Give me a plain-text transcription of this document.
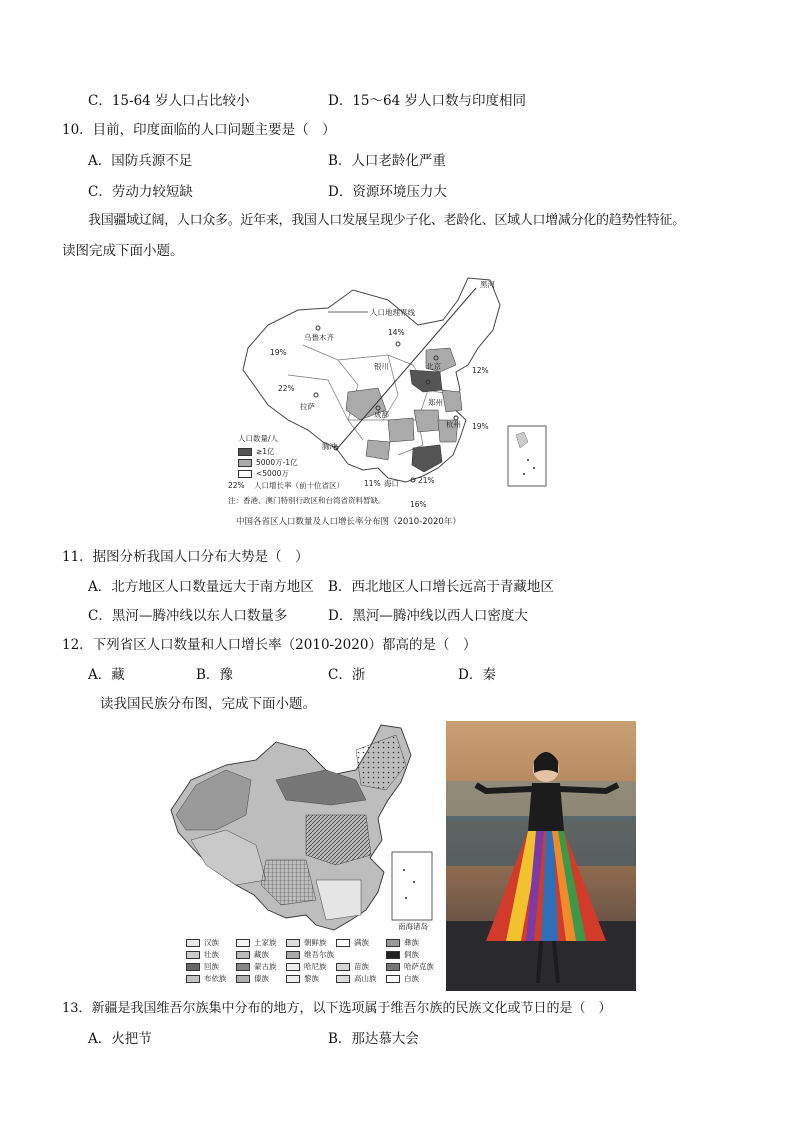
C．15-64 岁人口占比较小	D．15～64 岁人口数与印度相同
10．目前，印度面临的人口问题主要是（　）
A．国防兵源不足	B．人口老龄化严重
C．劳动力较短缺	D．资源环境压力大
我国疆域辽阔，人口众多。近年来，我国人口发展呈现少子化、老龄化、区域人口增减分化的趋势性特征。
读图完成下面小题。
黑河
人口地理界线
乌鲁木齐
14%
19%
银川	北京	12%
22%
拉萨
成都
郑州
19%
杭州
腾冲
11% 海口	21%
16%
人口数量/人
≥1亿
5000万-1亿
<5000万
22% 人口增长率（前十位省区）
注：香港、澳门特别行政区和台湾省资料暂缺。
中国各省区人口数量及人口增长率分布图（2010-2020年）
11．据图分析我国人口分布大势是（　）
A．北方地区人口数量远大于南方地区 B．西北地区人口增长远高于青藏地区
C．黑河—腾冲线以东人口数量多	D．黑河—腾冲线以西人口密度大
12．下列省区人口数量和人口增长率（2010-2020）都高的是（　）
A．藏	B．豫	C．浙	D．秦
读我国民族分布图，完成下面小题。
南海诸岛
汉族	土家族	朝鲜族	满族	彝族
壮族	藏族	维吾尔族	侗族
回族	蒙古族	哈尼族	苗族	哈萨克族
布依族	傣族	黎族	高山族	白族
13．新疆是我国维吾尔族集中分布的地方，以下选项属于维吾尔族的民族文化或节日的是（　）
A．火把节	B．那达慕大会
